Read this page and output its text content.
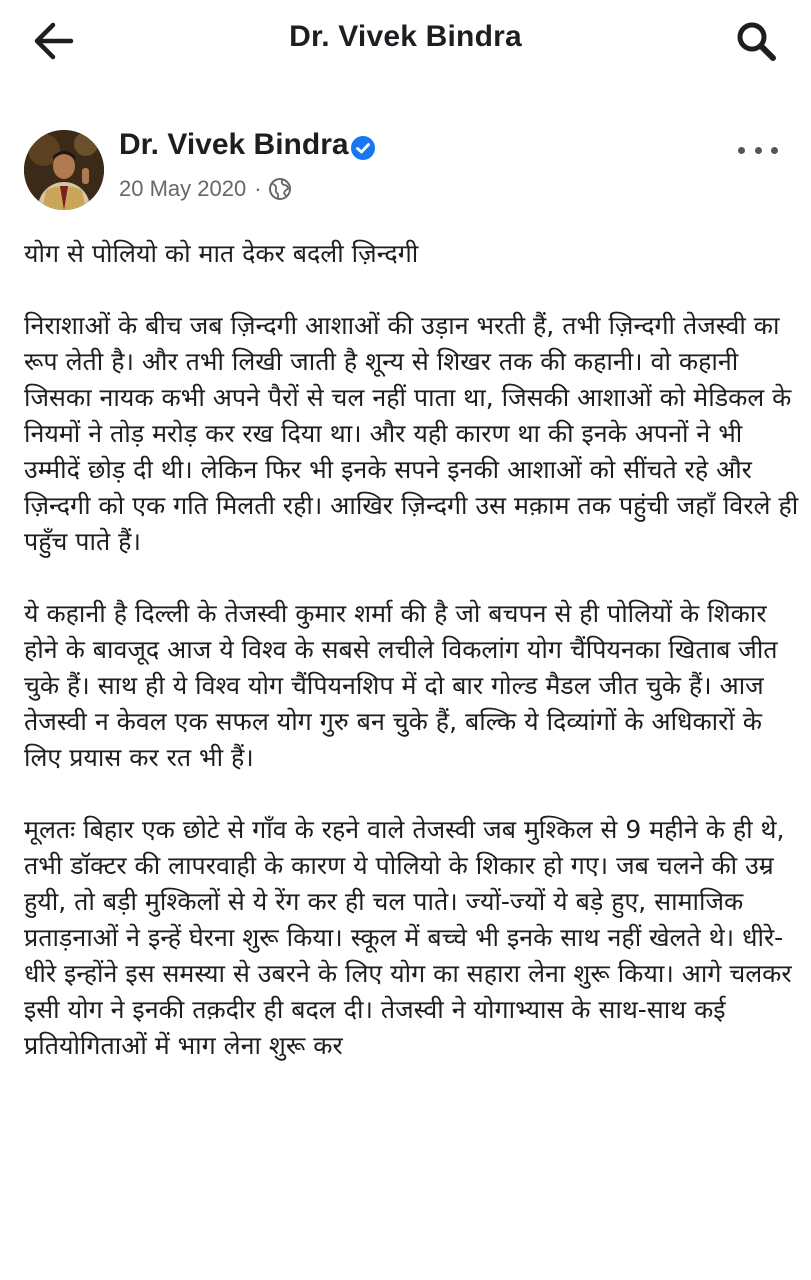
Dr. Vivek Bindra
Dr. Vivek Bindra
20 May 2020 ·

योग से पोलियो को मात देकर बदली ज़िन्दगी

निराशाओं के बीच जब ज़िन्दगी आशाओं की उड़ान भरती हैं, तभी ज़िन्दगी तेजस्वी का रूप लेती है। और तभी लिखी जाती है शून्य से शिखर तक की कहानी। वो कहानी जिसका नायक कभी अपने पैरों से चल नहीं पाता था, जिसकी आशाओं को मेडिकल के नियमों ने तोड़ मरोड़ कर रख दिया था। और यही कारण था की इनके अपनों ने भी उम्मीदें छोड़ दी थी। लेकिन फिर भी इनके सपने इनकी आशाओं को सींचते रहे और ज़िन्दगी को एक गति मिलती रही। आखिर ज़िन्दगी उस मक़ाम तक पहुंची जहाँ विरले ही पहुँच पाते हैं।

ये कहानी है दिल्ली के तेजस्वी कुमार शर्मा की है जो बचपन से ही पोलियों के शिकार होने के बावजूद आज ये विश्व के सबसे लचीले विकलांग योग चैंपियनका खिताब जीत चुके हैं। साथ ही ये विश्व योग चैंपियनशिप में दो बार गोल्ड मैडल जीत चुके हैं। आज तेजस्वी न केवल एक सफल योग गुरु बन चुके हैं, बल्कि ये दिव्यांगों के अधिकारों के लिए प्रयास कर रत भी हैं।

मूलतः बिहार एक छोटे से गाँव के रहने वाले तेजस्वी जब मुश्किल से 9 महीने के ही थे, तभी डॉक्टर की लापरवाही के कारण ये पोलियो के शिकार हो गए। जब चलने की उम्र हुयी, तो बड़ी मुश्किलों से ये रेंग कर ही चल पाते। ज्यों-ज्यों ये बड़े हुए, सामाजिक प्रताड़नाओं ने इन्हें घेरना शुरू किया। स्कूल में बच्चे भी इनके साथ नहीं खेलते थे। धीरे-धीरे इन्होंने इस समस्या से उबरने के लिए योग का सहारा लेना शुरू किया। आगे चलकर इसी योग ने इनकी तक़दीर ही बदल दी। तेजस्वी ने योगाभ्यास के साथ-साथ कई प्रतियोगिताओं में भाग लेना शुरू कर
